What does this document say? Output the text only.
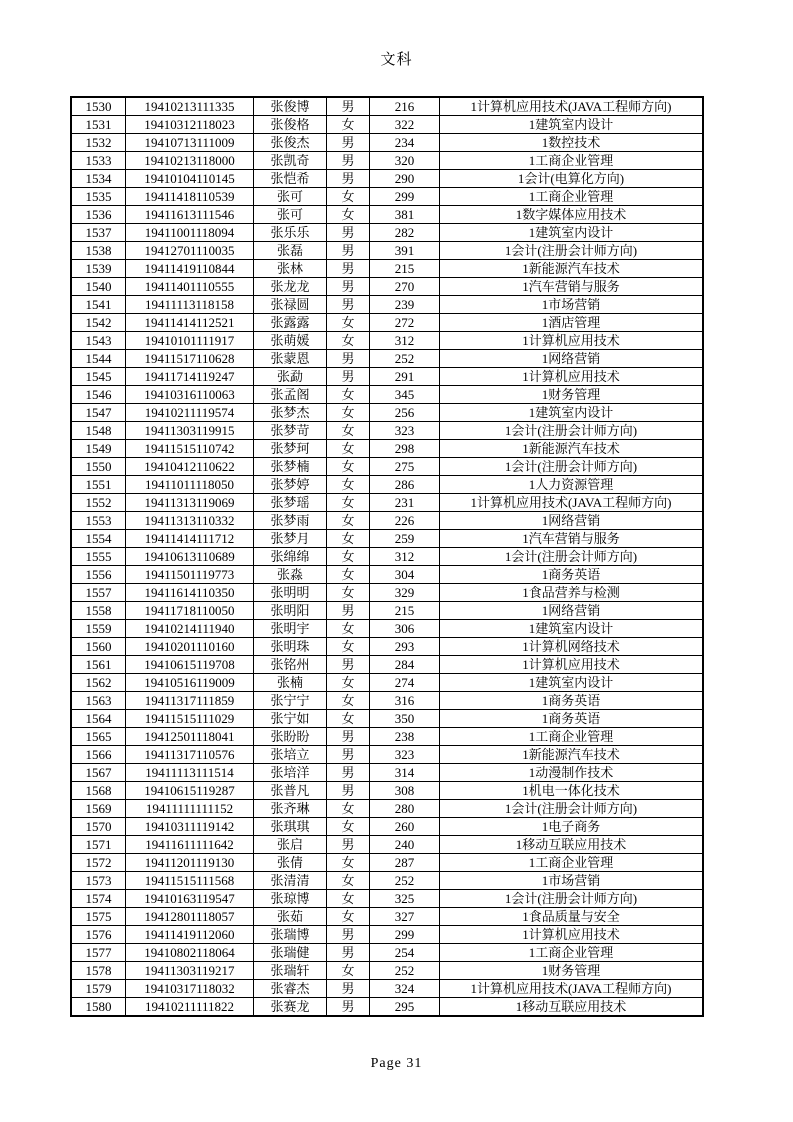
文科
1530	19410213111335	张俊博	男	216	1计算机应用技术(JAVA工程师方向)
1531	19410312118023	张俊格	女	322	1建筑室内设计
1532	19410713111009	张俊杰	男	234	1数控技术
1533	19410213118000	张凯奇	男	320	1工商企业管理
1534	19410104110145	张恺希	男	290	1会计(电算化方向)
1535	19411418110539	张可	女	299	1工商企业管理
1536	19411613111546	张可	女	381	1数字媒体应用技术
1537	19411001118094	张乐乐	男	282	1建筑室内设计
1538	19412701110035	张磊	男	391	1会计(注册会计师方向)
1539	19411419110844	张林	男	215	1新能源汽车技术
1540	19411401110555	张龙龙	男	270	1汽车营销与服务
1541	19411113118158	张禄圆	男	239	1市场营销
1542	19411414112521	张露露	女	272	1酒店管理
1543	19410101111917	张萌媛	女	312	1计算机应用技术
1544	19411517110628	张蒙恩	男	252	1网络营销
1545	19411714119247	张勐	男	291	1计算机应用技术
1546	19410316110063	张孟阁	女	345	1财务管理
1547	19410211119574	张梦杰	女	256	1建筑室内设计
1548	19411303119915	张梦苛	女	323	1会计(注册会计师方向)
1549	19411515110742	张梦珂	女	298	1新能源汽车技术
1550	19410412110622	张梦楠	女	275	1会计(注册会计师方向)
1551	19411011118050	张梦婷	女	286	1人力资源管理
1552	19411313119069	张梦瑶	女	231	1计算机应用技术(JAVA工程师方向)
1553	19411313110332	张梦雨	女	226	1网络营销
1554	19411414111712	张梦月	女	259	1汽车营销与服务
1555	19410613110689	张绵绵	女	312	1会计(注册会计师方向)
1556	19411501119773	张淼	女	304	1商务英语
1557	19411614110350	张明明	女	329	1食品营养与检测
1558	19411718110050	张明阳	男	215	1网络营销
1559	19410214111940	张明宇	女	306	1建筑室内设计
1560	19410201110160	张明珠	女	293	1计算机网络技术
1561	19410615119708	张铭州	男	284	1计算机应用技术
1562	19410516119009	张楠	女	274	1建筑室内设计
1563	19411317111859	张宁宁	女	316	1商务英语
1564	19411515111029	张宁如	女	350	1商务英语
1565	19412501118041	张盼盼	男	238	1工商企业管理
1566	19411317110576	张培立	男	323	1新能源汽车技术
1567	19411113111514	张培洋	男	314	1动漫制作技术
1568	19410615119287	张普凡	男	308	1机电一体化技术
1569	19411111111152	张齐琳	女	280	1会计(注册会计师方向)
1570	19410311119142	张琪琪	女	260	1电子商务
1571	19411611111642	张启	男	240	1移动互联应用技术
1572	19411201119130	张倩	女	287	1工商企业管理
1573	19411515111568	张清清	女	252	1市场营销
1574	19410163119547	张琼博	女	325	1会计(注册会计师方向)
1575	19412801118057	张茹	女	327	1食品质量与安全
1576	19411419112060	张瑞博	男	299	1计算机应用技术
1577	19410802118064	张瑞健	男	254	1工商企业管理
1578	19411303119217	张瑞轩	女	252	1财务管理
1579	19410317118032	张睿杰	男	324	1计算机应用技术(JAVA工程师方向)
1580	19410211111822	张赛龙	男	295	1移动互联应用技术
Page 31
